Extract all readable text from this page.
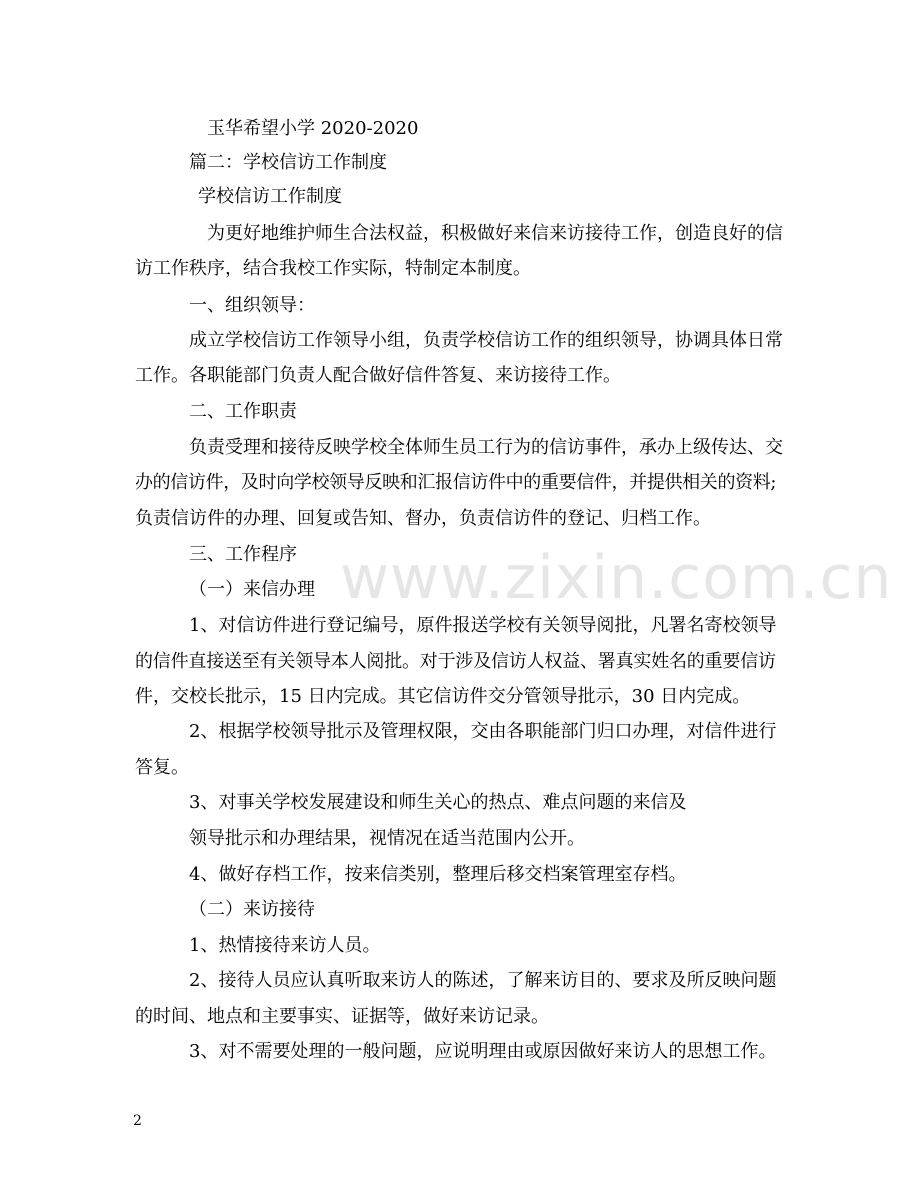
玉华希望小学 2020-2020
篇二：学校信访工作制度
学校信访工作制度
为更好地维护师生合法权益，积极做好来信来访接待工作，创造良好的信
访工作秩序，结合我校工作实际，特制定本制度。
一、组织领导：
成立学校信访工作领导小组，负责学校信访工作的组织领导，协调具体日常
工作。各职能部门负责人配合做好信件答复、来访接待工作。
二、工作职责
负责受理和接待反映学校全体师生员工行为的信访事件，承办上级传达、交
办的信访件，及时向学校领导反映和汇报信访件中的重要信件，并提供相关的资料;
负责信访件的办理、回复或告知、督办，负责信访件的登记、归档工作。
三、工作程序 www.zixin.com.cn
（一）来信办理
1、对信访件进行登记编号，原件报送学校有关领导阅批，凡署名寄校领导
的信件直接送至有关领导本人阅批。对于涉及信访人权益、署真实姓名的重要信访
件，交校长批示，15 日内完成。其它信访件交分管领导批示，30 日内完成。
2、根据学校领导批示及管理权限，交由各职能部门归口办理，对信件进行
答复。
3、对事关学校发展建设和师生关心的热点、难点问题的来信及
领导批示和办理结果，视情况在适当范围内公开。
4、做好存档工作，按来信类别，整理后移交档案管理室存档。
（二）来访接待
1、热情接待来访人员。
2、接待人员应认真听取来访人的陈述，了解来访目的、要求及所反映问题
的时间、地点和主要事实、证据等，做好来访记录。
3、对不需要处理的一般问题，应说明理由或原因做好来访人的思想工作。
2
